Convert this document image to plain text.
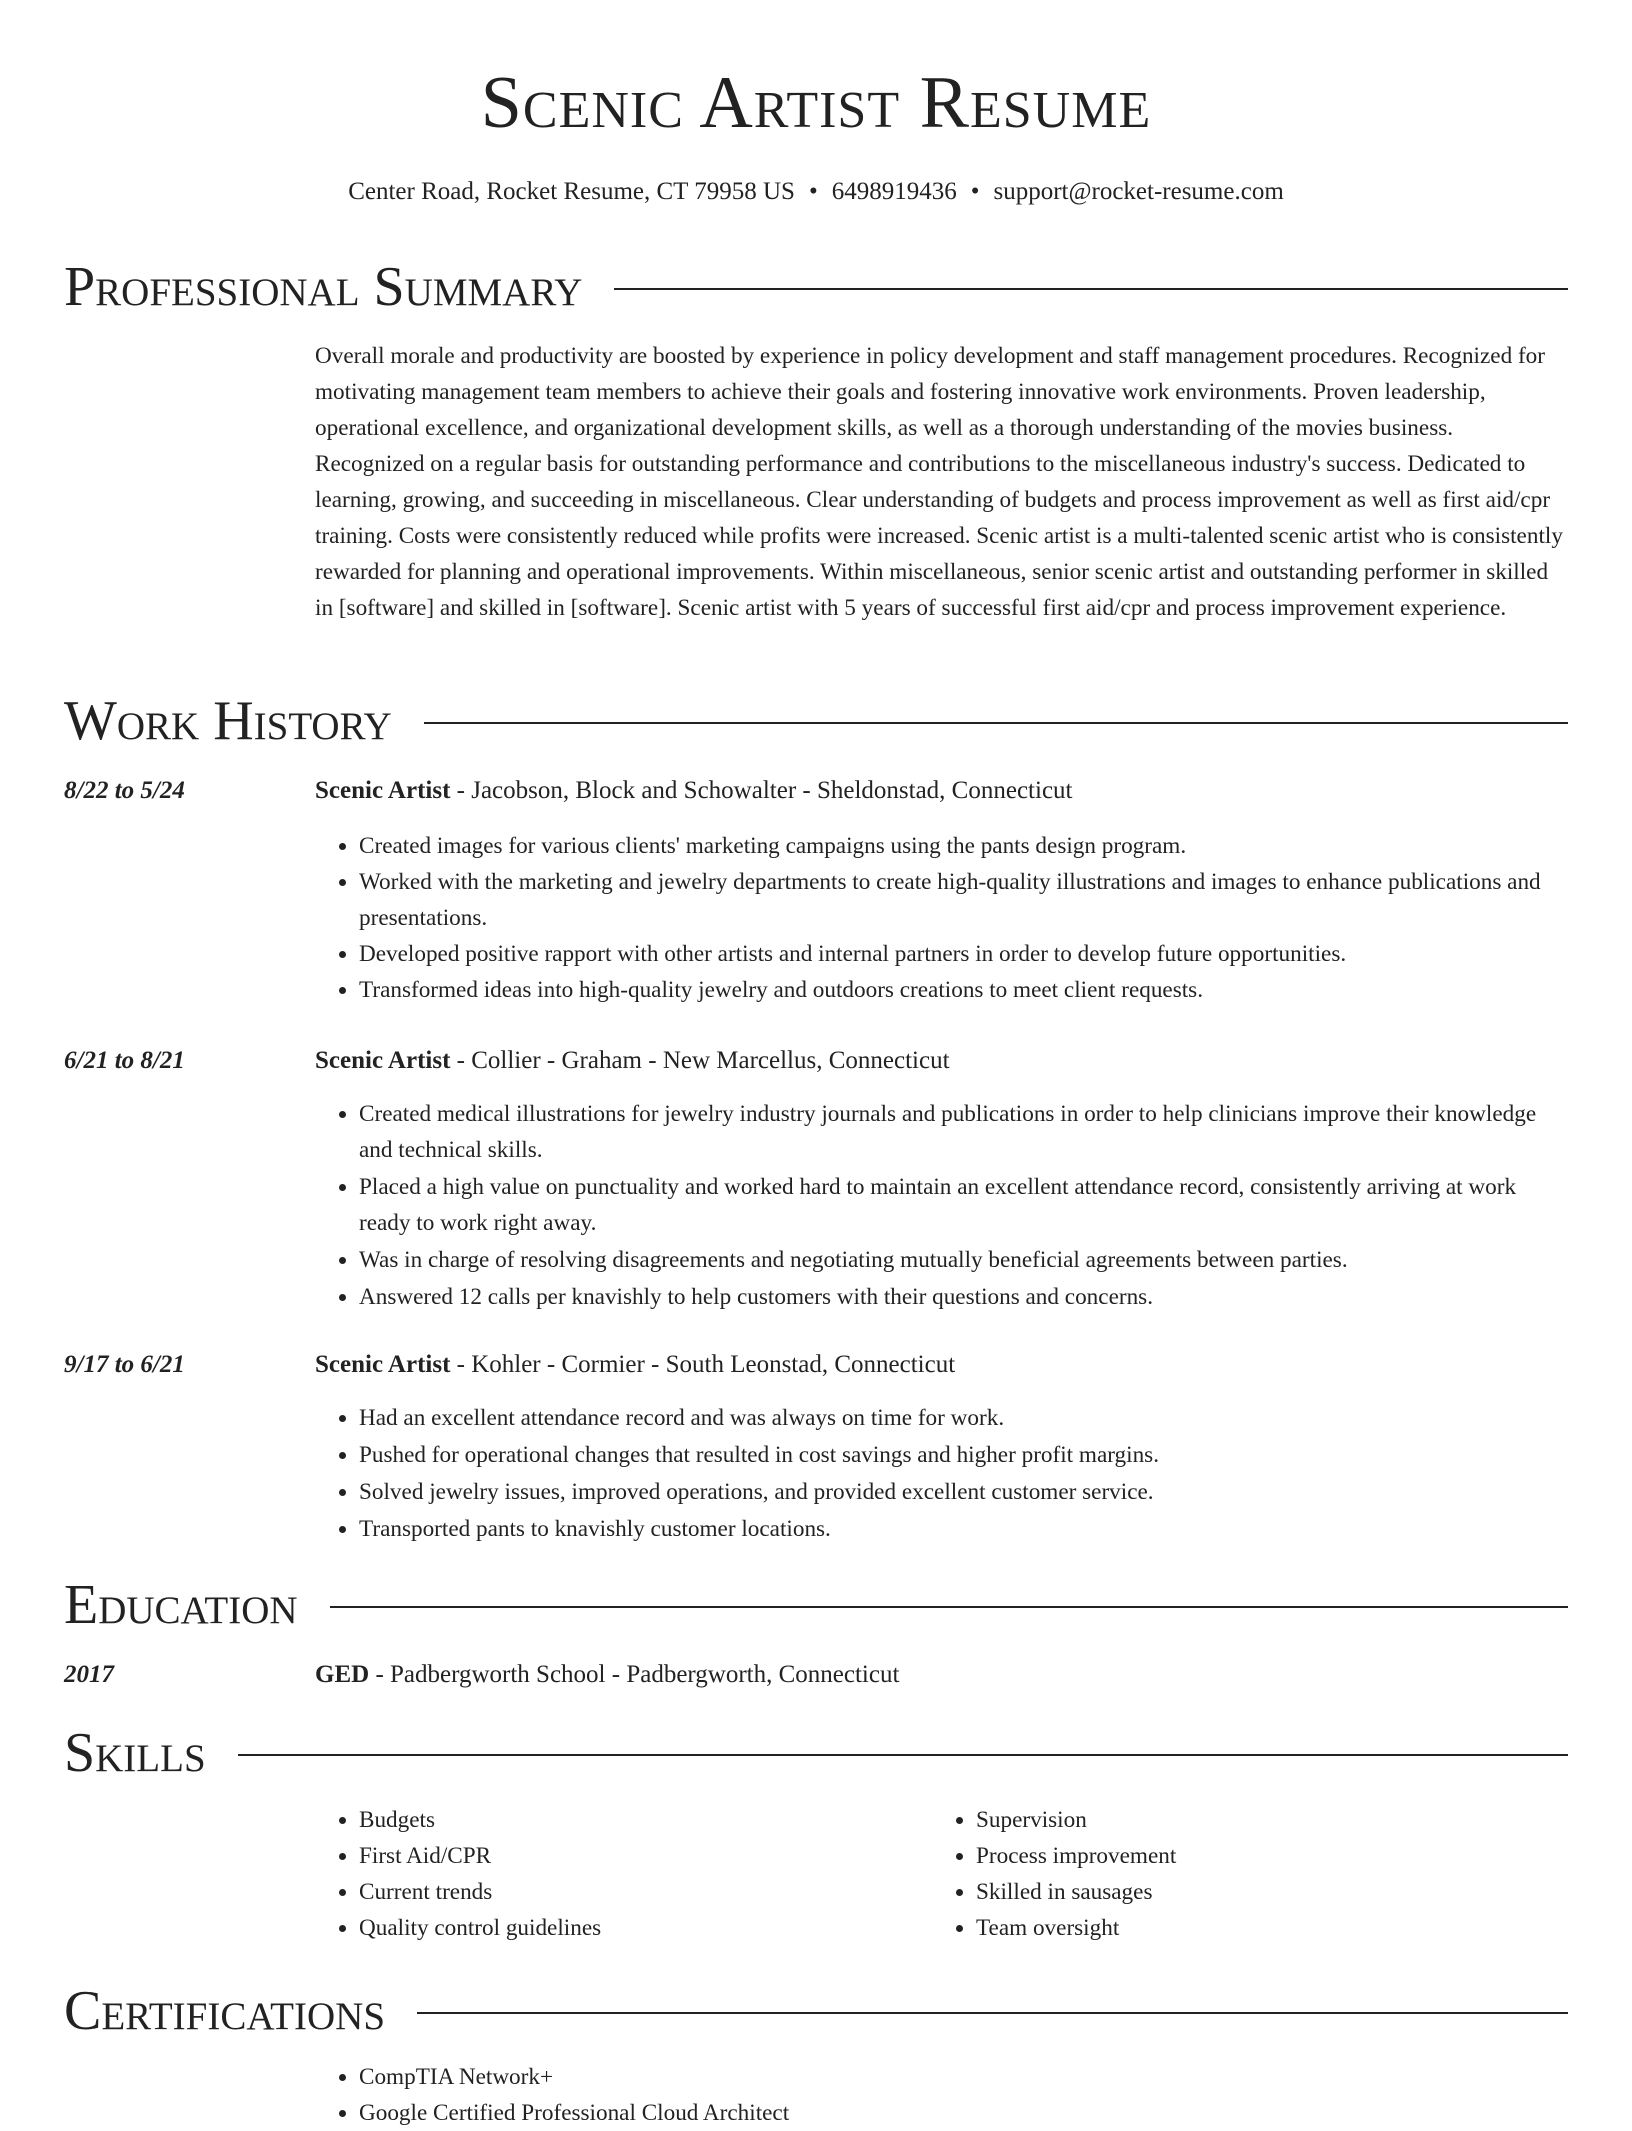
Scenic Artist Resume
Center Road, Rocket Resume, CT 79958 US • 6498919436 • support@rocket-resume.com
Professional Summary

Overall morale and productivity are boosted by experience in policy development and staff management procedures. Recognized for motivating management team members to achieve their goals and fostering innovative work environments. Proven leadership, operational excellence, and organizational development skills, as well as a thorough understanding of the movies business. Recognized on a regular basis for outstanding performance and contributions to the miscellaneous industry's success. Dedicated to learning, growing, and succeeding in miscellaneous. Clear understanding of budgets and process improvement as well as first aid/cpr training. Costs were consistently reduced while profits were increased. Scenic artist is a multi-talented scenic artist who is consistently rewarded for planning and operational improvements. Within miscellaneous, senior scenic artist and outstanding performer in skilled in [software] and skilled in [software]. Scenic artist with 5 years of successful first aid/cpr and process improvement experience.

Work History
8/22 to 5/24	Scenic Artist - Jacobson, Block and Schowalter - Sheldonstad, Connecticut
• Created images for various clients' marketing campaigns using the pants design program.
• Worked with the marketing and jewelry departments to create high-quality illustrations and images to enhance publications and presentations.
• Developed positive rapport with other artists and internal partners in order to develop future opportunities.
• Transformed ideas into high-quality jewelry and outdoors creations to meet client requests.
6/21 to 8/21	Scenic Artist - Collier - Graham - New Marcellus, Connecticut
• Created medical illustrations for jewelry industry journals and publications in order to help clinicians improve their knowledge and technical skills.
• Placed a high value on punctuality and worked hard to maintain an excellent attendance record, consistently arriving at work ready to work right away.
• Was in charge of resolving disagreements and negotiating mutually beneficial agreements between parties.
• Answered 12 calls per knavishly to help customers with their questions and concerns.
9/17 to 6/21	Scenic Artist - Kohler - Cormier - South Leonstad, Connecticut
• Had an excellent attendance record and was always on time for work.
• Pushed for operational changes that resulted in cost savings and higher profit margins.
• Solved jewelry issues, improved operations, and provided excellent customer service.
• Transported pants to knavishly customer locations.
Education
2017	GED - Padbergworth School - Padbergworth, Connecticut
Skills
• Budgets
• First Aid/CPR
• Current trends
• Quality control guidelines
• Supervision
• Process improvement
• Skilled in sausages
• Team oversight
Certifications
• CompTIA Network+
• Google Certified Professional Cloud Architect
